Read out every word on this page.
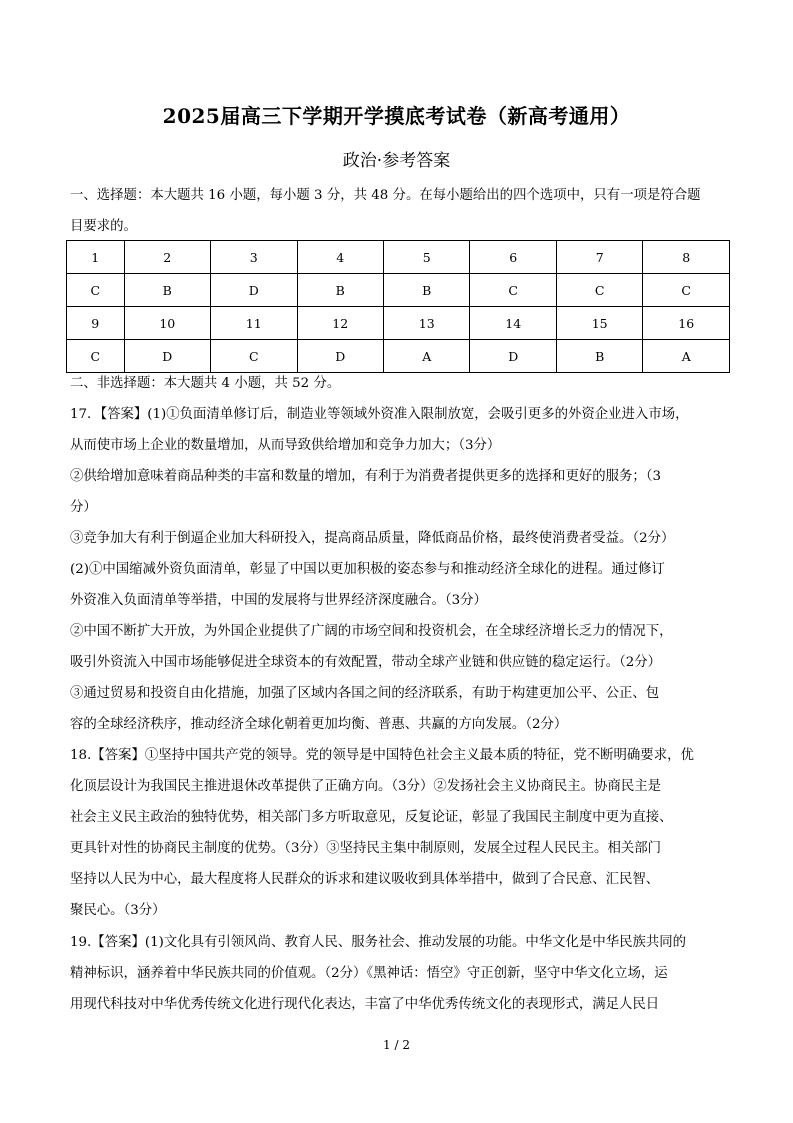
2025届高三下学期开学摸底考试卷（新高考通用）
政治·参考答案
一、选择题：本大题共 16 小题，每小题 3 分，共 48 分。在每小题给出的四个选项中，只有一项是符合题
目要求的。
1	2	3	4	5	6	7	8
C	B	D	B	B	C	C	C
9	10	11	12	13	14	15	16
C	D	C	D	A	D	B	A
二、非选择题：本大题共 4 小题，共 52 分。
17．【答案】(1)①负面清单修订后，制造业等领域外资准入限制放宽，会吸引更多的外资企业进入市场，
从而使市场上企业的数量增加，从而导致供给增加和竞争力加大；（3分）
②供给增加意味着商品种类的丰富和数量的增加，有利于为消费者提供更多的选择和更好的服务；（3
分）
③竞争加大有利于倒逼企业加大科研投入，提高商品质量，降低商品价格，最终使消费者受益。（2分）
(2)①中国缩减外资负面清单，彰显了中国以更加积极的姿态参与和推动经济全球化的进程。通过修订
外资准入负面清单等举措，中国的发展将与世界经济深度融合。（3分）
②中国不断扩大开放，为外国企业提供了广阔的市场空间和投资机会，在全球经济增长乏力的情况下，
吸引外资流入中国市场能够促进全球资本的有效配置，带动全球产业链和供应链的稳定运行。（2分）
③通过贸易和投资自由化措施，加强了区域内各国之间的经济联系，有助于构建更加公平、公正、包
容的全球经济秩序，推动经济全球化朝着更加均衡、普惠、共赢的方向发展。（2分）
18.【答案】①坚持中国共产党的领导。党的领导是中国特色社会主义最本质的特征，党不断明确要求，优
化顶层设计为我国民主推进退休改革提供了正确方向。（3分）②发扬社会主义协商民主。协商民主是
社会主义民主政治的独特优势，相关部门多方听取意见，反复论证，彰显了我国民主制度中更为直接、
更具针对性的协商民主制度的优势。（3分）③坚持民主集中制原则，发展全过程人民民主。相关部门
坚持以人民为中心，最大程度将人民群众的诉求和建议吸收到具体举措中，做到了合民意、汇民智、
聚民心。（3分）
19.【答案】(1)文化具有引领风尚、教育人民、服务社会、推动发展的功能。中华文化是中华民族共同的
精神标识，涵养着中华民族共同的价值观。（2分）《黑神话：悟空》守正创新，坚守中华文化立场，运
用现代科技对中华优秀传统文化进行现代化表达，丰富了中华优秀传统文化的表现形式，满足人民日
1 / 2
